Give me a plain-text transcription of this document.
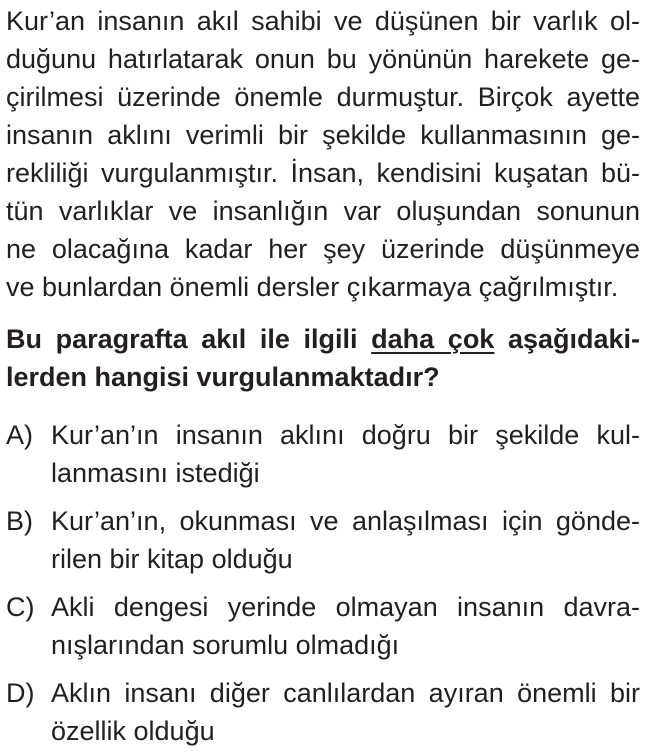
Kur’an insanın akıl sahibi ve düşünen bir varlık ol-
duğunu hatırlatarak onun bu yönünün harekete ge-
çirilmesi üzerinde önemle durmuştur. Birçok ayette
insanın aklını verimli bir şekilde kullanmasının ge-
rekliliği vurgulanmıştır. İnsan, kendisini kuşatan bü-
tün varlıklar ve insanlığın var oluşundan sonunun
ne olacağına kadar her şey üzerinde düşünmeye
ve bunlardan önemli dersler çıkarmaya çağrılmıştır.
Bu paragrafta akıl ile ilgili daha çok aşağıdaki-
lerden hangisi vurgulanmaktadır?
A) Kur’an’ın insanın aklını doğru bir şekilde kul-
lanmasını istediği
B) Kur’an’ın, okunması ve anlaşılması için gönde-
rilen bir kitap olduğu
C) Akli dengesi yerinde olmayan insanın davra-
nışlarından sorumlu olmadığı
D) Aklın insanı diğer canlılardan ayıran önemli bir
özellik olduğu
